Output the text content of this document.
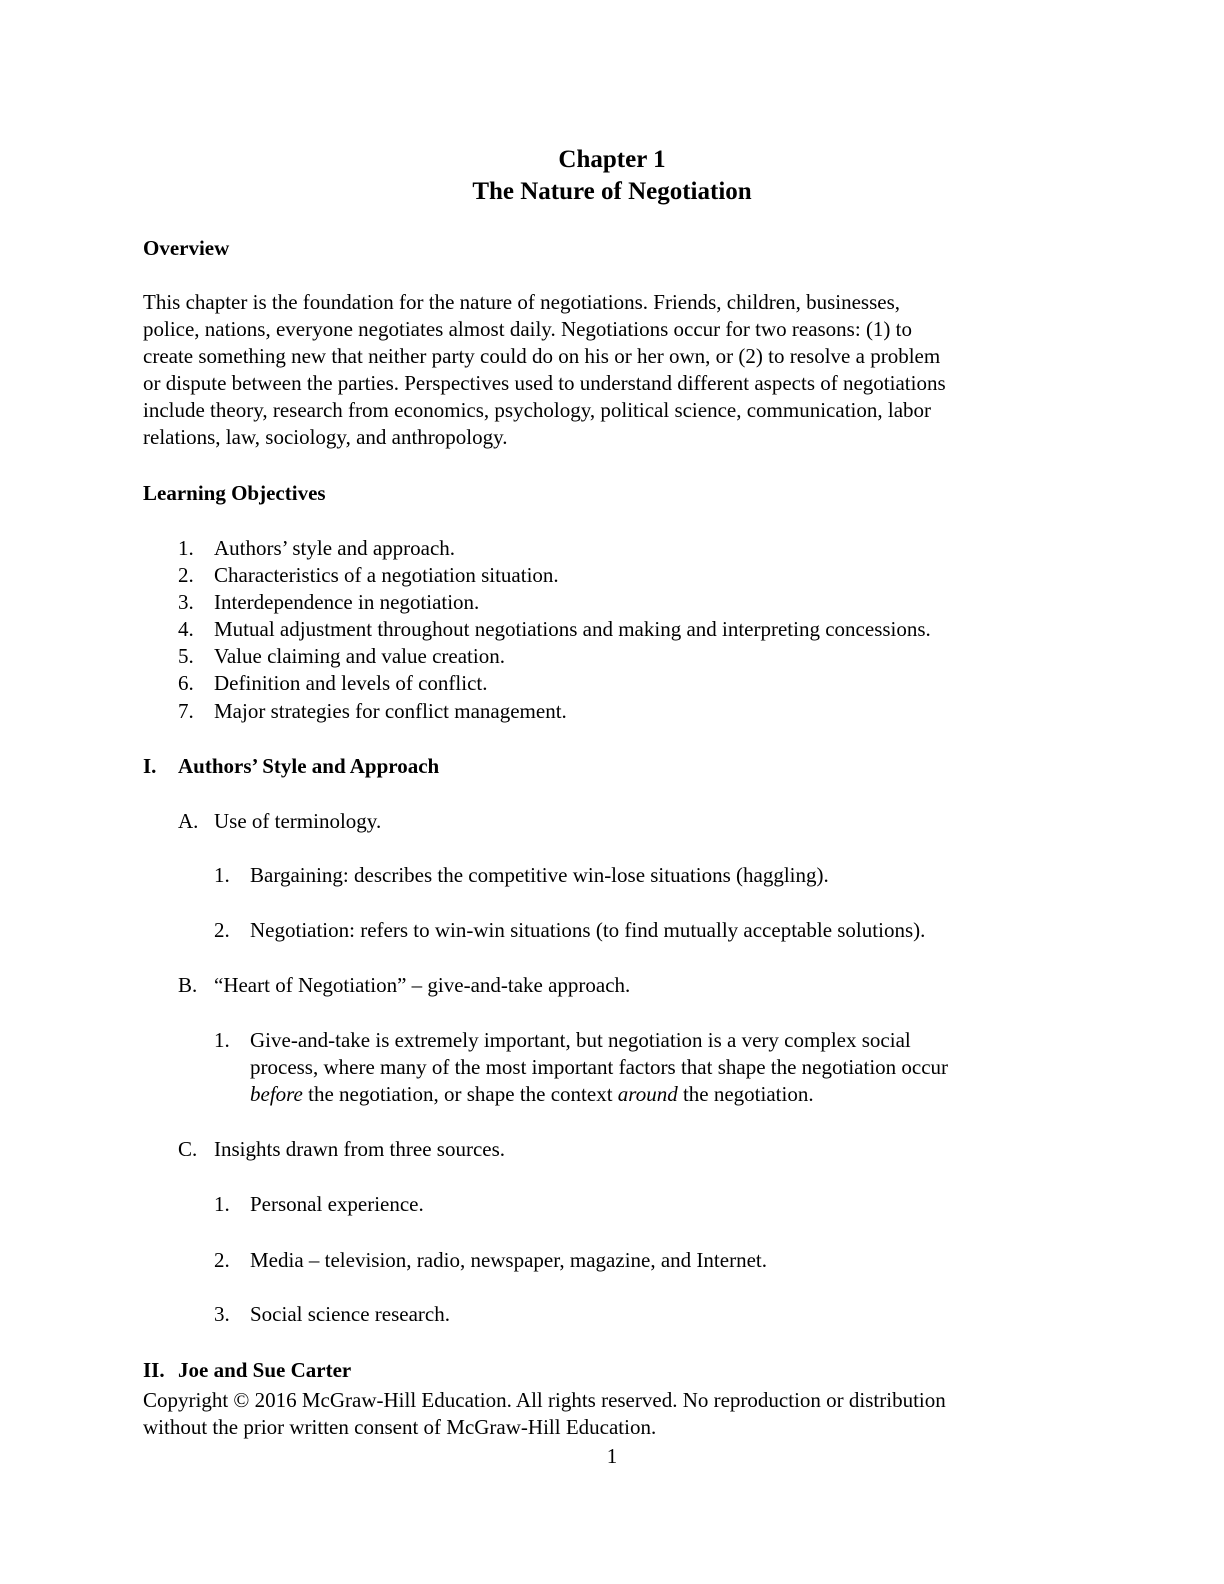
Chapter 1
The Nature of Negotiation
Overview
This chapter is the foundation for the nature of negotiations. Friends, children, businesses,
police, nations, everyone negotiates almost daily. Negotiations occur for two reasons: (1) to
create something new that neither party could do on his or her own, or (2) to resolve a problem
or dispute between the parties. Perspectives used to understand different aspects of negotiations
include theory, research from economics, psychology, political science, communication, labor
relations, law, sociology, and anthropology.
Learning Objectives
1. Authors’ style and approach.
2. Characteristics of a negotiation situation.
3. Interdependence in negotiation.
4. Mutual adjustment throughout negotiations and making and interpreting concessions.
5. Value claiming and value creation.
6. Definition and levels of conflict.
7. Major strategies for conflict management.
I. Authors’ Style and Approach
A. Use of terminology.
1. Bargaining: describes the competitive win-lose situations (haggling).
2. Negotiation: refers to win-win situations (to find mutually acceptable solutions).
B. “Heart of Negotiation” – give-and-take approach.
1. Give-and-take is extremely important, but negotiation is a very complex social
process, where many of the most important factors that shape the negotiation occur
before the negotiation, or shape the context around the negotiation.
C. Insights drawn from three sources.
1. Personal experience.
2. Media – television, radio, newspaper, magazine, and Internet.
3. Social science research.
II. Joe and Sue Carter
Copyright © 2016 McGraw-Hill Education. All rights reserved. No reproduction or distribution
without the prior written consent of McGraw-Hill Education.
1
